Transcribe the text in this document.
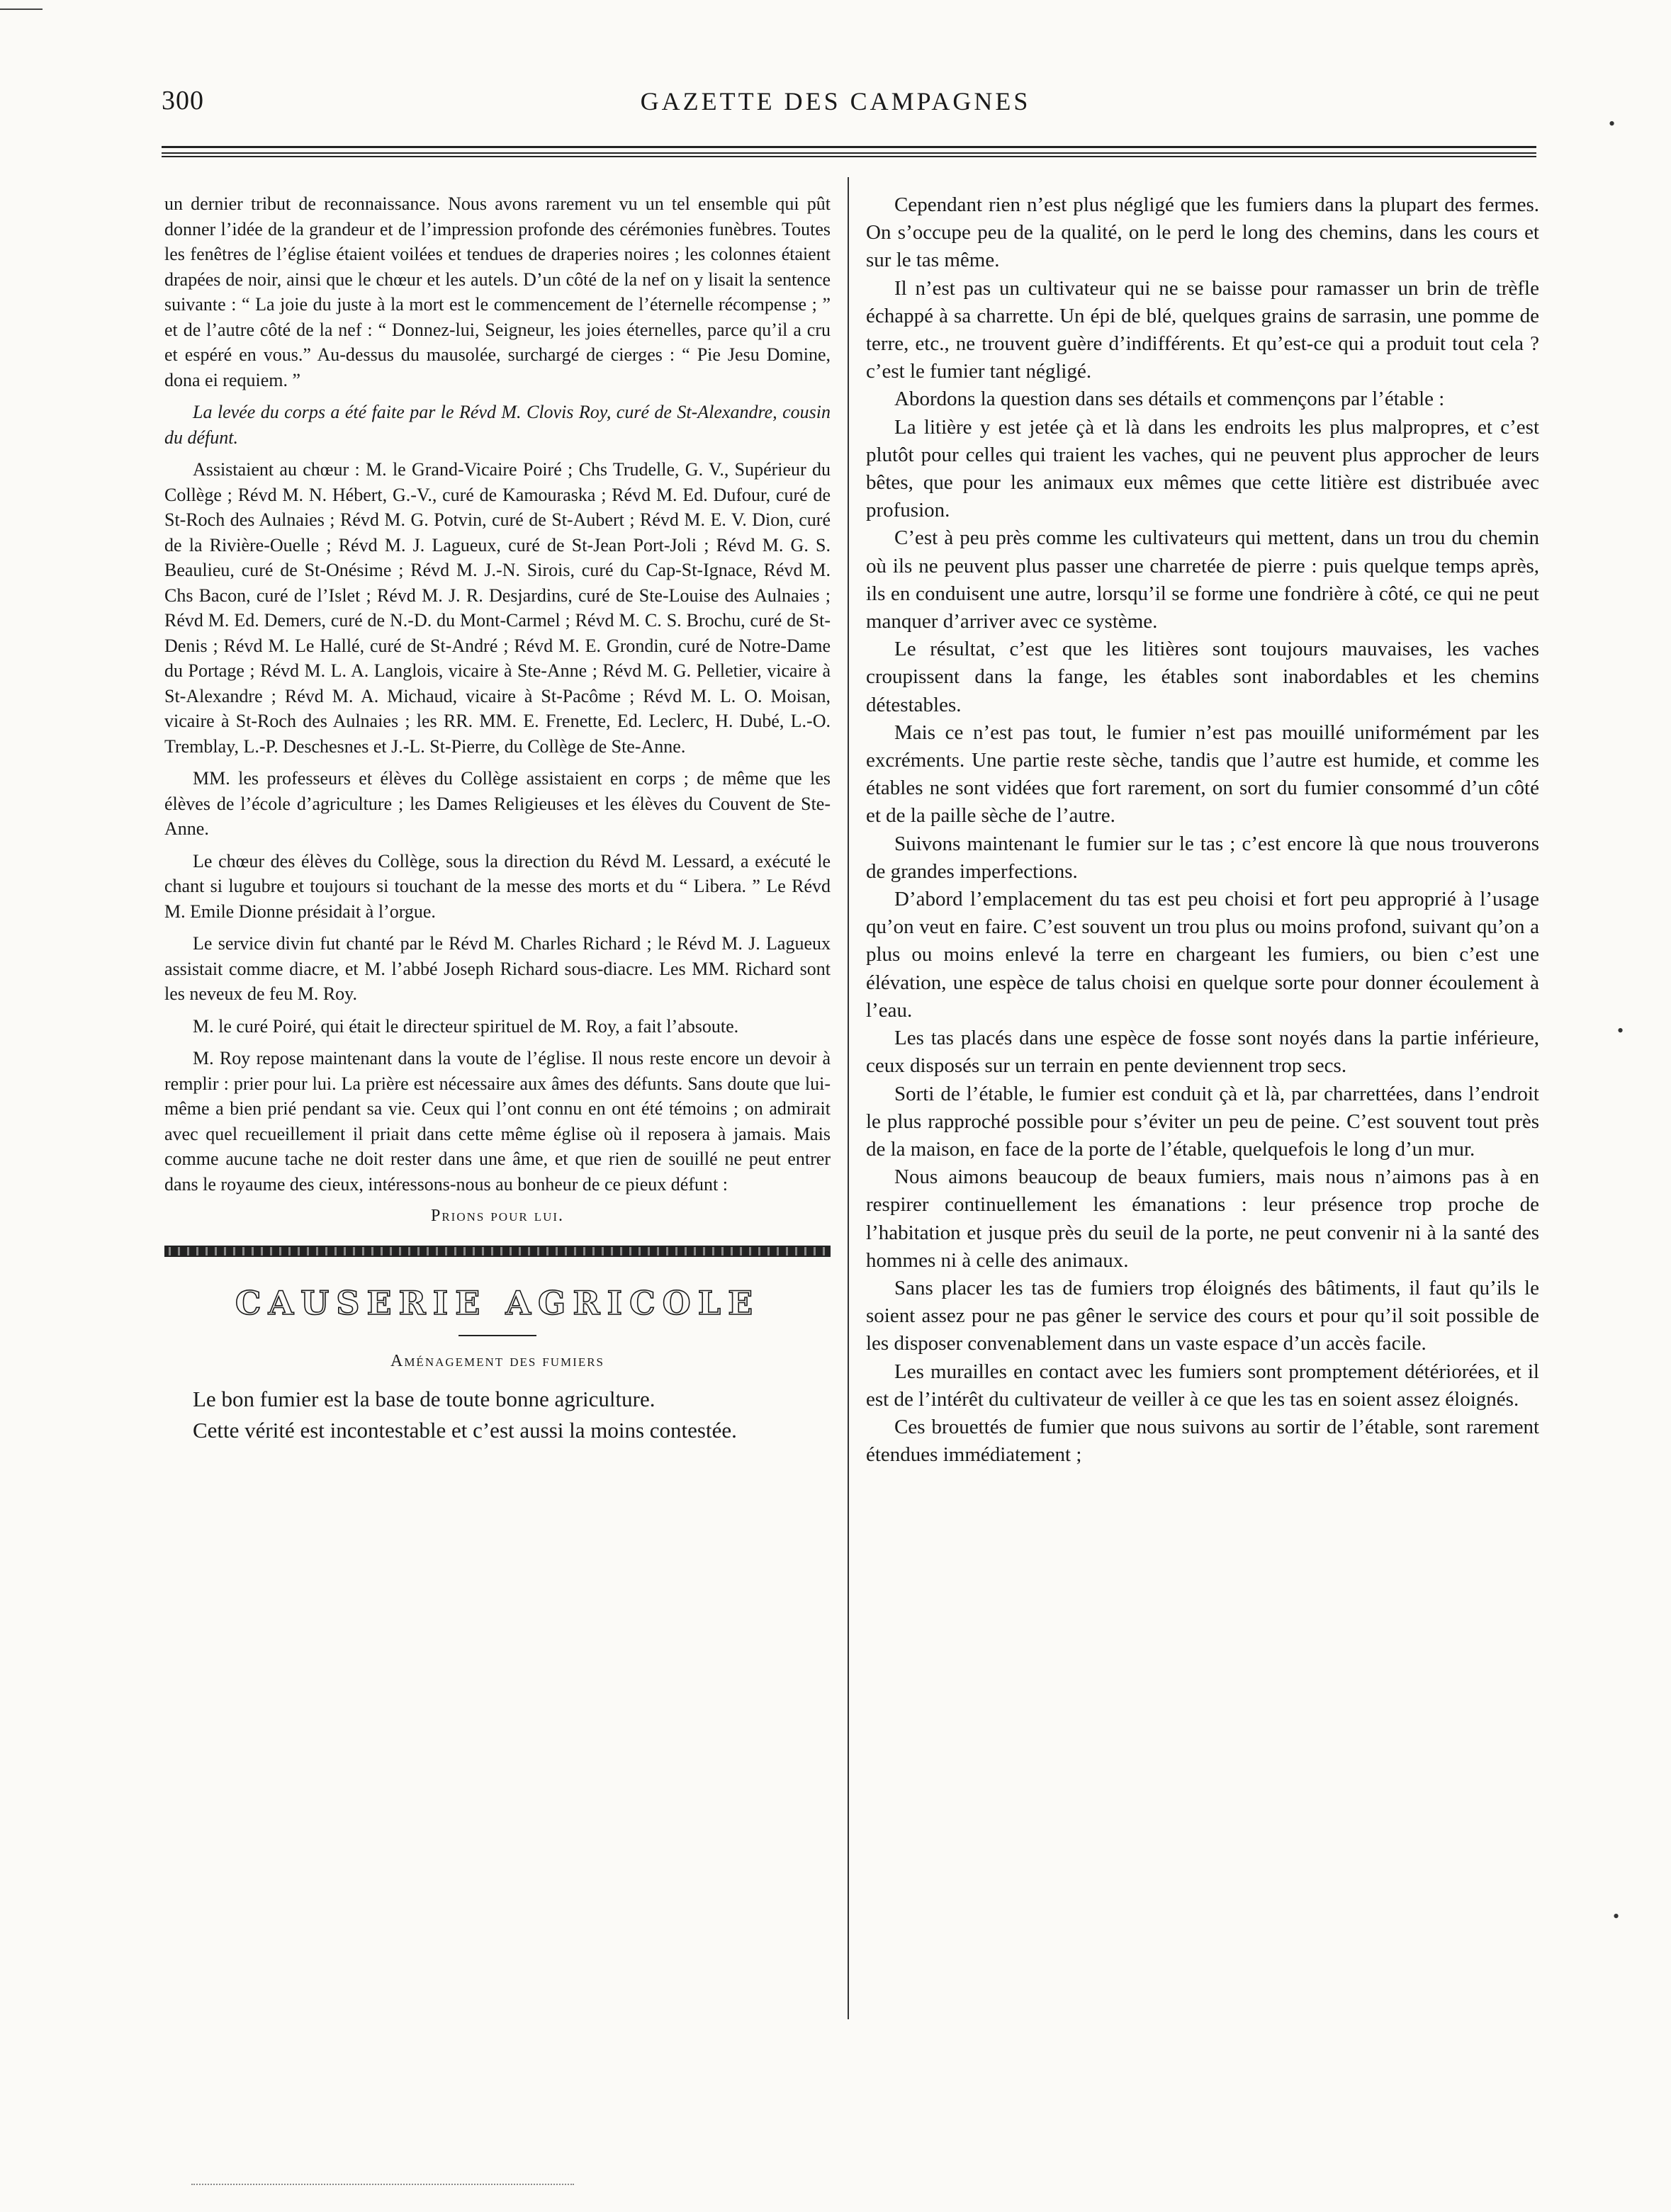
300	GAZETTE DES CAMPAGNES

un dernier tribut de reconnaissance. Nous avons rarement vu un tel ensemble qui pût donner l’idée de la grandeur et de l’impression profonde des cérémonies funèbres. Toutes les fenêtres de l’église étaient voilées et tendues de draperies noires ; les colonnes étaient drapées de noir, ainsi que le chœur et les autels. D’un côté de la nef on y lisait la sentence suivante : “ La joie du juste à la mort est le commencement de l’éternelle récompense ; ” et de l’autre côté de la nef : “ Donnez-lui, Seigneur, les joies éternelles, parce qu’il a cru et espéré en vous.” Au-dessus du mausolée, surchargé de cierges : “ Pie Jesu Domine, dona ei requiem. ”

La levée du corps a été faite par le Révd M. Clovis Roy, curé de St-Alexandre, cousin du défunt.

Assistaient au chœur : M. le Grand-Vicaire Poiré ; Chs Trudelle, G. V., Supérieur du Collège ; Révd M. N. Hébert, G.-V., curé de Kamouraska ; Révd M. Ed. Dufour, curé de St-Roch des Aulnaies ; Révd M. G. Potvin, curé de St-Aubert ; Révd M. E. V. Dion, curé de la Rivière-Ouelle ; Révd M. J. Lagueux, curé de St-Jean Port-Joli ; Révd M. G. S. Beaulieu, curé de St-Onésime ; Révd M. J.-N. Sirois, curé du Cap-St-Ignace, Révd M. Chs Bacon, curé de l’Islet ; Révd M. J. R. Desjardins, curé de Ste-Louise des Aulnaies ; Révd M. Ed. Demers, curé de N.-D. du Mont-Carmel ; Révd M. C. S. Brochu, curé de St-Denis ; Révd M. Le Hallé, curé de St-André ; Révd M. E. Grondin, curé de Notre-Dame du Portage ; Révd M. L. A. Langlois, vicaire à Ste-Anne ; Révd M. G. Pelletier, vicaire à St-Alexandre ; Révd M. A. Michaud, vicaire à St-Pacôme ; Révd M. L. O. Moisan, vicaire à St-Roch des Aulnaies ; les RR. MM. E. Frenette, Ed. Leclerc, H. Dubé, L.-O. Tremblay, L.-P. Deschesnes et J.-L. St-Pierre, du Collège de Ste-Anne.

MM. les professeurs et élèves du Collège assistaient en corps ; de même que les élèves de l’école d’agriculture ; les Dames Religieuses et les élèves du Couvent de Ste-Anne.

Le chœur des élèves du Collège, sous la direction du Révd M. Lessard, a exécuté le chant si lugubre et toujours si touchant de la messe des morts et du “ Libera. ” Le Révd M. Emile Dionne présidait à l’orgue.

Le service divin fut chanté par le Révd M. Charles Richard ; le Révd M. J. Lagueux assistait comme diacre, et M. l’abbé Joseph Richard sous-diacre. Les MM. Richard sont les neveux de feu M. Roy.

M. le curé Poiré, qui était le directeur spirituel de M. Roy, a fait l’absoute.

M. Roy repose maintenant dans la voute de l’église. Il nous reste encore un devoir à remplir : prier pour lui. La prière est nécessaire aux âmes des défunts. Sans doute que lui-même a bien prié pendant sa vie. Ceux qui l’ont connu en ont été témoins ; on admirait avec quel recueillement il priait dans cette même église où il reposera à jamais. Mais comme aucune tache ne doit rester dans une âme, et que rien de souillé ne peut entrer dans le royaume des cieux, intéressons-nous au bonheur de ce pieux défunt :

Prions pour lui.
CAUSERIE AGRICOLE
Aménagement des fumiers

Le bon fumier est la base de toute bonne agriculture.

Cette vérité est incontestable et c’est aussi la moins contestée.

Cependant rien n’est plus négligé que les fumiers dans la plupart des fermes. On s’occupe peu de la qualité, on le perd le long des chemins, dans les cours et sur le tas même.

Il n’est pas un cultivateur qui ne se baisse pour ramasser un brin de trèfle échappé à sa charrette. Un épi de blé, quelques grains de sarrasin, une pomme de terre, etc., ne trouvent guère d’indifférents. Et qu’est-ce qui a produit tout cela ? c’est le fumier tant négligé.

Abordons la question dans ses détails et commençons par l’étable :

La litière y est jetée çà et là dans les endroits les plus malpropres, et c’est plutôt pour celles qui traient les vaches, qui ne peuvent plus approcher de leurs bêtes, que pour les animaux eux mêmes que cette litière est distribuée avec profusion.

C’est à peu près comme les cultivateurs qui mettent, dans un trou du chemin où ils ne peuvent plus passer une charretée de pierre : puis quelque temps après, ils en conduisent une autre, lorsqu’il se forme une fondrière à côté, ce qui ne peut manquer d’arriver avec ce système.

Le résultat, c’est que les litières sont toujours mauvaises, les vaches croupissent dans la fange, les étables sont inabordables et les chemins détestables.

Mais ce n’est pas tout, le fumier n’est pas mouillé uniformément par les excréments. Une partie reste sèche, tandis que l’autre est humide, et comme les étables ne sont vidées que fort rarement, on sort du fumier consommé d’un côté et de la paille sèche de l’autre.

Suivons maintenant le fumier sur le tas ; c’est encore là que nous trouverons de grandes imperfections.

D’abord l’emplacement du tas est peu choisi et fort peu approprié à l’usage qu’on veut en faire. C’est souvent un trou plus ou moins profond, suivant qu’on a plus ou moins enlevé la terre en chargeant les fumiers, ou bien c’est une élévation, une espèce de talus choisi en quelque sorte pour donner écoulement à l’eau.

Les tas placés dans une espèce de fosse sont noyés dans la partie inférieure, ceux disposés sur un terrain en pente deviennent trop secs.

Sorti de l’étable, le fumier est conduit çà et là, par charrettées, dans l’endroit le plus rapproché possible pour s’éviter un peu de peine. C’est souvent tout près de la maison, en face de la porte de l’étable, quelquefois le long d’un mur.

Nous aimons beaucoup de beaux fumiers, mais nous n’aimons pas à en respirer continuellement les émanations : leur présence trop proche de l’habitation et jusque près du seuil de la porte, ne peut convenir ni à la santé des hommes ni à celle des animaux.

Sans placer les tas de fumiers trop éloignés des bâtiments, il faut qu’ils le soient assez pour ne pas gêner le service des cours et pour qu’il soit possible de les disposer convenablement dans un vaste espace d’un accès facile.

Les murailles en contact avec les fumiers sont promptement détériorées, et il est de l’intérêt du cultivateur de veiller à ce que les tas en soient assez éloignés.

Ces brouettés de fumier que nous suivons au sortir de l’étable, sont rarement étendues immédiatement ;

•
•
•
